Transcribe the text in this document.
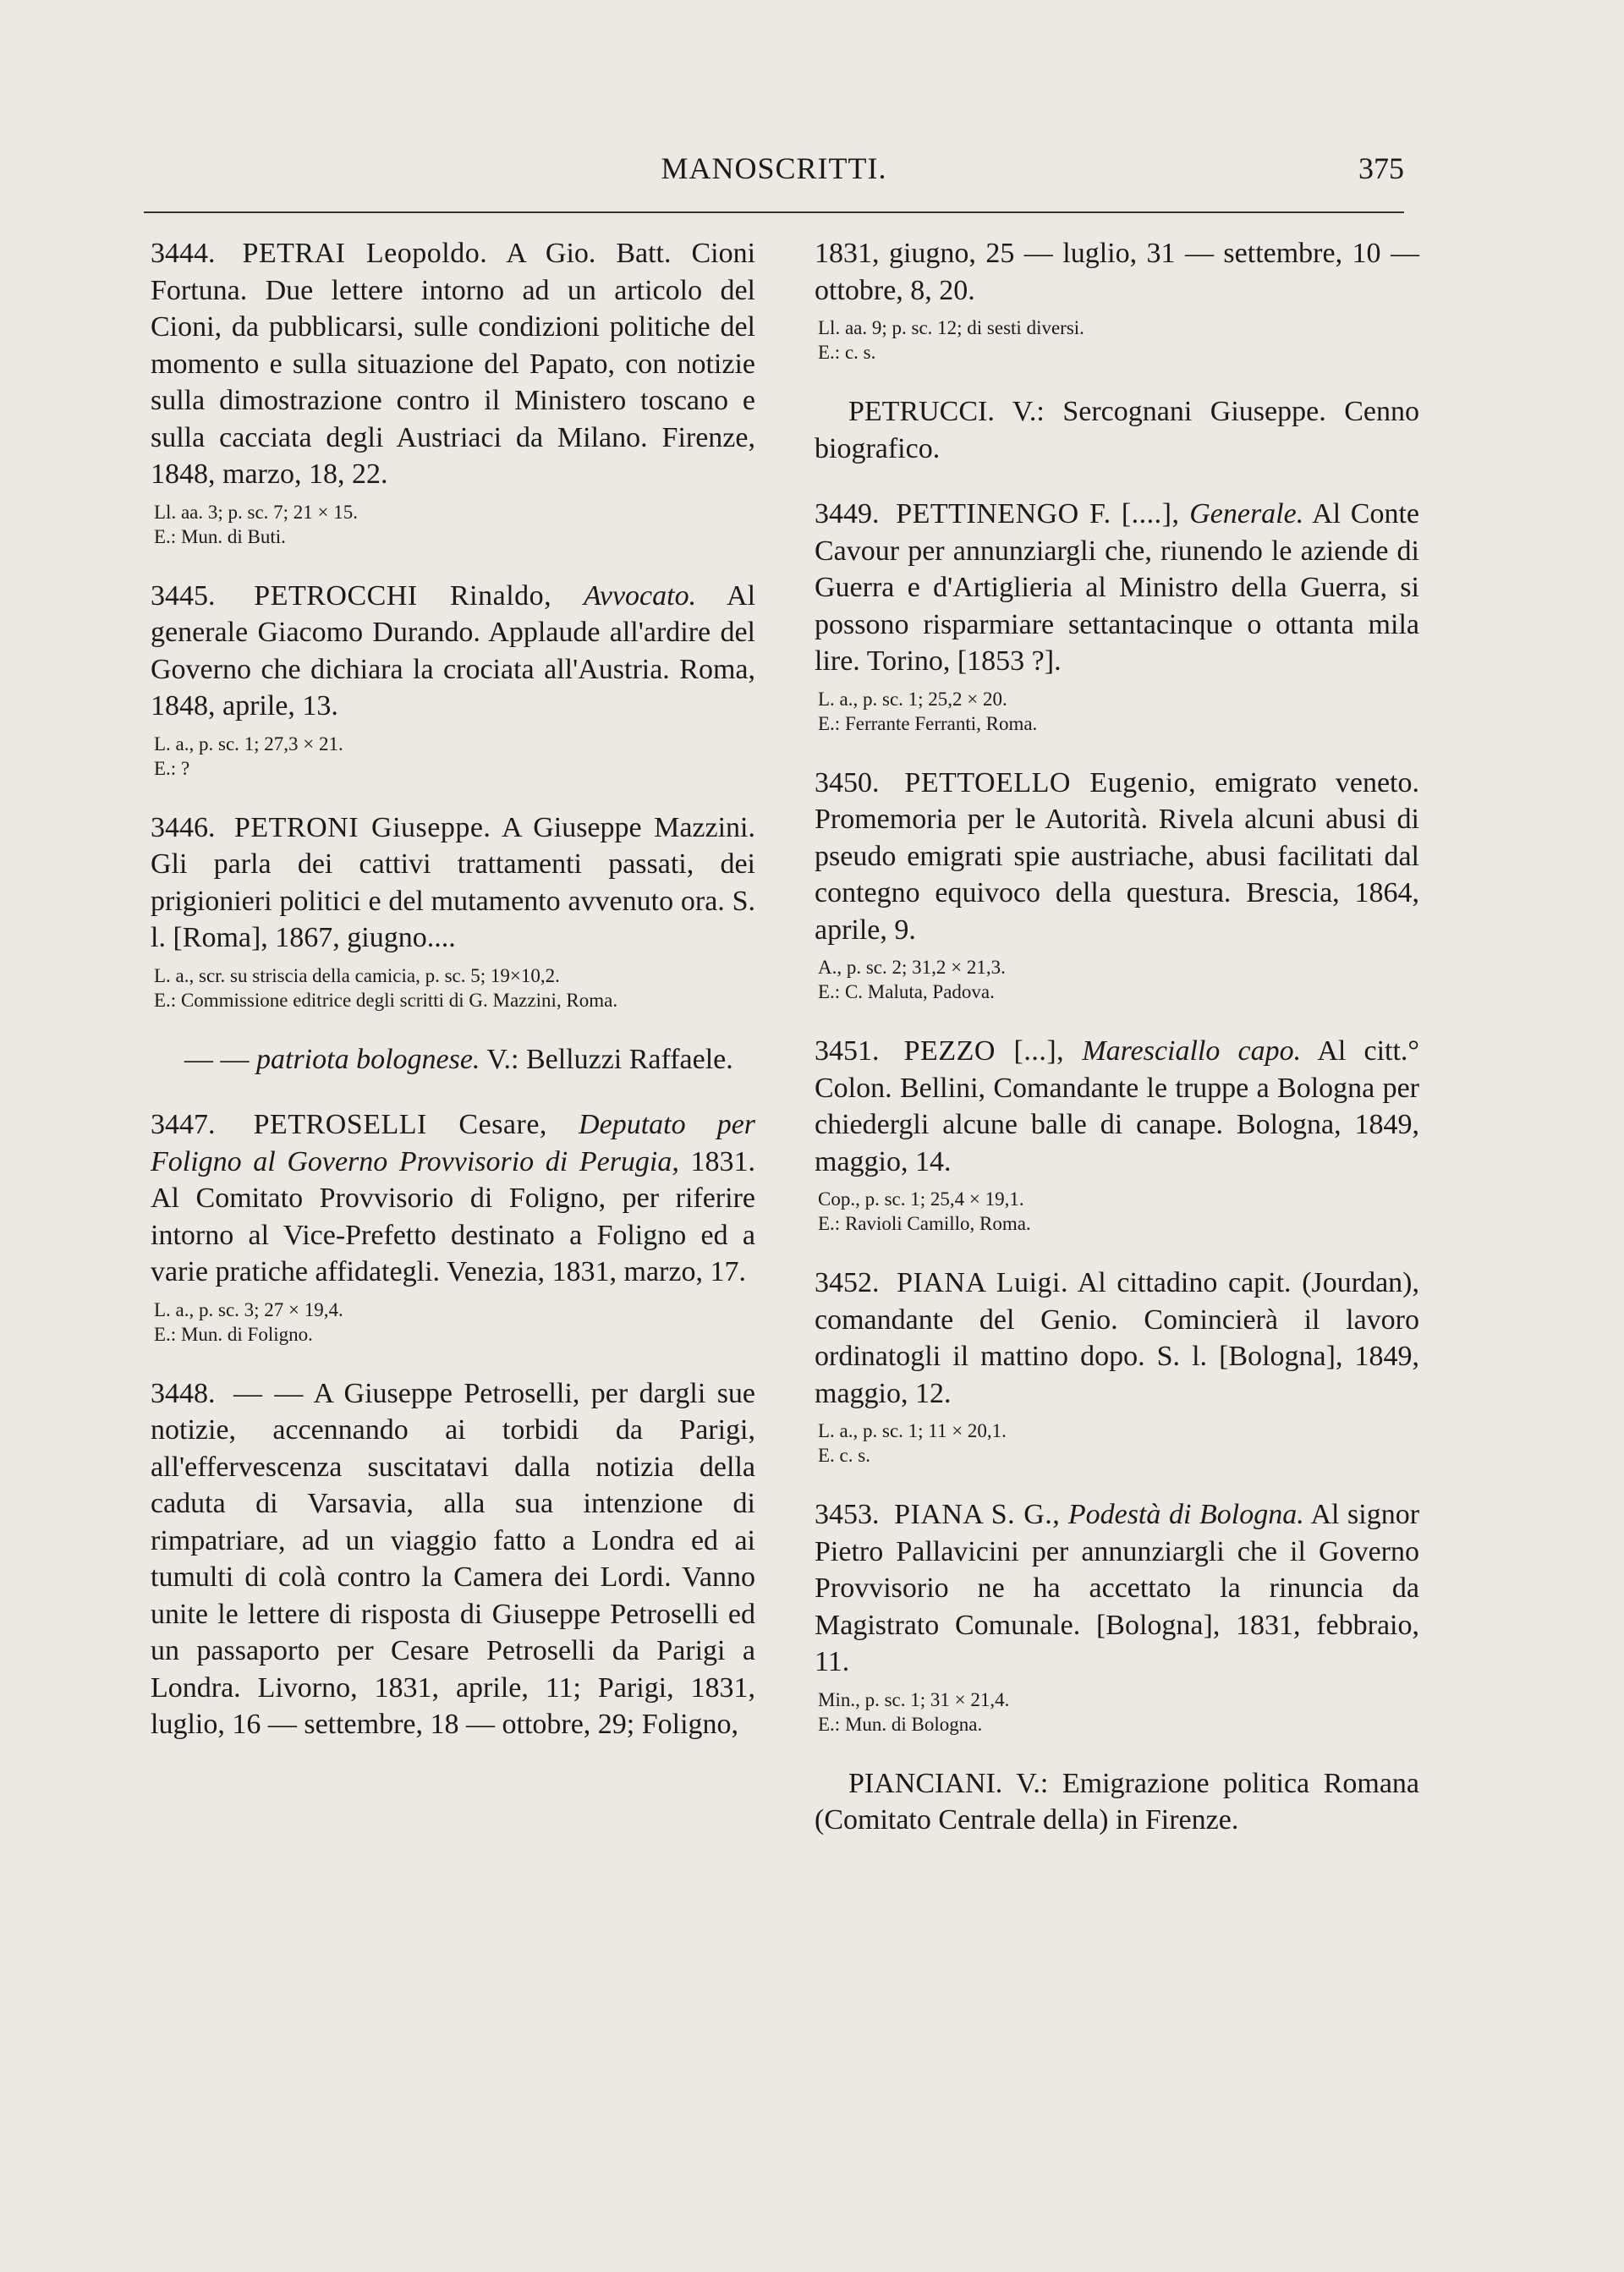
MANOSCRITTI.	375
3444. PETRAI Leopoldo. A Gio. Batt. Cioni Fortuna. Due lettere intorno ad un articolo del Cioni, da pubblicarsi, sulle condizioni politiche del momento e sulla situazione del Papato, con notizie sulla dimostrazione contro il Ministero toscano e sulla cacciata degli Austriaci da Milano. Firenze, 1848, marzo, 18, 22.
Ll. aa. 3; p. sc. 7; 21 × 15.
E.: Mun. di Buti.
3445. PETROCCHI Rinaldo, Avvocato. Al generale Giacomo Durando. Applaude all'ardire del Governo che dichiara la crociata all'Austria. Roma, 1848, aprile, 13.
L. a., p. sc. 1; 27,3 × 21.
E.: ?
3446. PETRONI Giuseppe. A Giuseppe Mazzini. Gli parla dei cattivi trattamenti passati, dei prigionieri politici e del mutamento avvenuto ora. S. l. [Roma], 1867, giugno....
L. a., scr. su striscia della camicia, p. sc. 5; 19×10,2.
E.: Commissione editrice degli scritti di G. Mazzini, Roma.
— — patriota bolognese. V.: Belluzzi Raffaele.
3447. PETROSELLI Cesare, Deputato per Foligno al Governo Provvisorio di Perugia, 1831. Al Comitato Provvisorio di Foligno, per riferire intorno al Vice-Prefetto destinato a Foligno ed a varie pratiche affidategli. Venezia, 1831, marzo, 17.
L. a., p. sc. 3; 27 × 19,4.
E.: Mun. di Foligno.
3448. — — A Giuseppe Petroselli, per dargli sue notizie, accennando ai torbidi da Parigi, all'effervescenza suscitatavi dalla notizia della caduta di Varsavia, alla sua intenzione di rimpatriare, ad un viaggio fatto a Londra ed ai tumulti di colà contro la Camera dei Lordi. Vanno unite le lettere di risposta di Giuseppe Petroselli ed un passaporto per Cesare Petroselli da Parigi a Londra. Livorno, 1831, aprile, 11; Parigi, 1831, luglio, 16 — settembre, 18 — ottobre, 29; Foligno,
1831, giugno, 25 — luglio, 31 — settembre, 10 — ottobre, 8, 20.
Ll. aa. 9; p. sc. 12; di sesti diversi.
E.: c. s.
PETRUCCI. V.: Sercognani Giuseppe. Cenno biografico.
3449. PETTINENGO F. [....], Generale. Al Conte Cavour per annunziargli che, riunendo le aziende di Guerra e d'Artiglieria al Ministro della Guerra, si possono risparmiare settantacinque o ottanta mila lire. Torino, [1853 ?].
L. a., p. sc. 1; 25,2 × 20.
E.: Ferrante Ferranti, Roma.
3450. PETTOELLO Eugenio, emigrato veneto. Promemoria per le Autorità. Rivela alcuni abusi di pseudo emigrati spie austriache, abusi facilitati dal contegno equivoco della questura. Brescia, 1864, aprile, 9.
A., p. sc. 2; 31,2 × 21,3.
E.: C. Maluta, Padova.
3451. PEZZO [...], Maresciallo capo. Al citt.° Colon. Bellini, Comandante le truppe a Bologna per chiedergli alcune balle di canape. Bologna, 1849, maggio, 14.
Cop., p. sc. 1; 25,4 × 19,1.
E.: Ravioli Camillo, Roma.
3452. PIANA Luigi. Al cittadino capit. (Jourdan), comandante del Genio. Comincierà il lavoro ordinatogli il mattino dopo. S. l. [Bologna], 1849, maggio, 12.
L. a., p. sc. 1; 11 × 20,1.
E. c. s.
3453. PIANA S. G., Podestà di Bologna. Al signor Pietro Pallavicini per annunziargli che il Governo Provvisorio ne ha accettato la rinuncia da Magistrato Comunale. [Bologna], 1831, febbraio, 11.
Min., p. sc. 1; 31 × 21,4.
E.: Mun. di Bologna.
PIANCIANI. V.: Emigrazione politica Romana (Comitato Centrale della) in Firenze.
